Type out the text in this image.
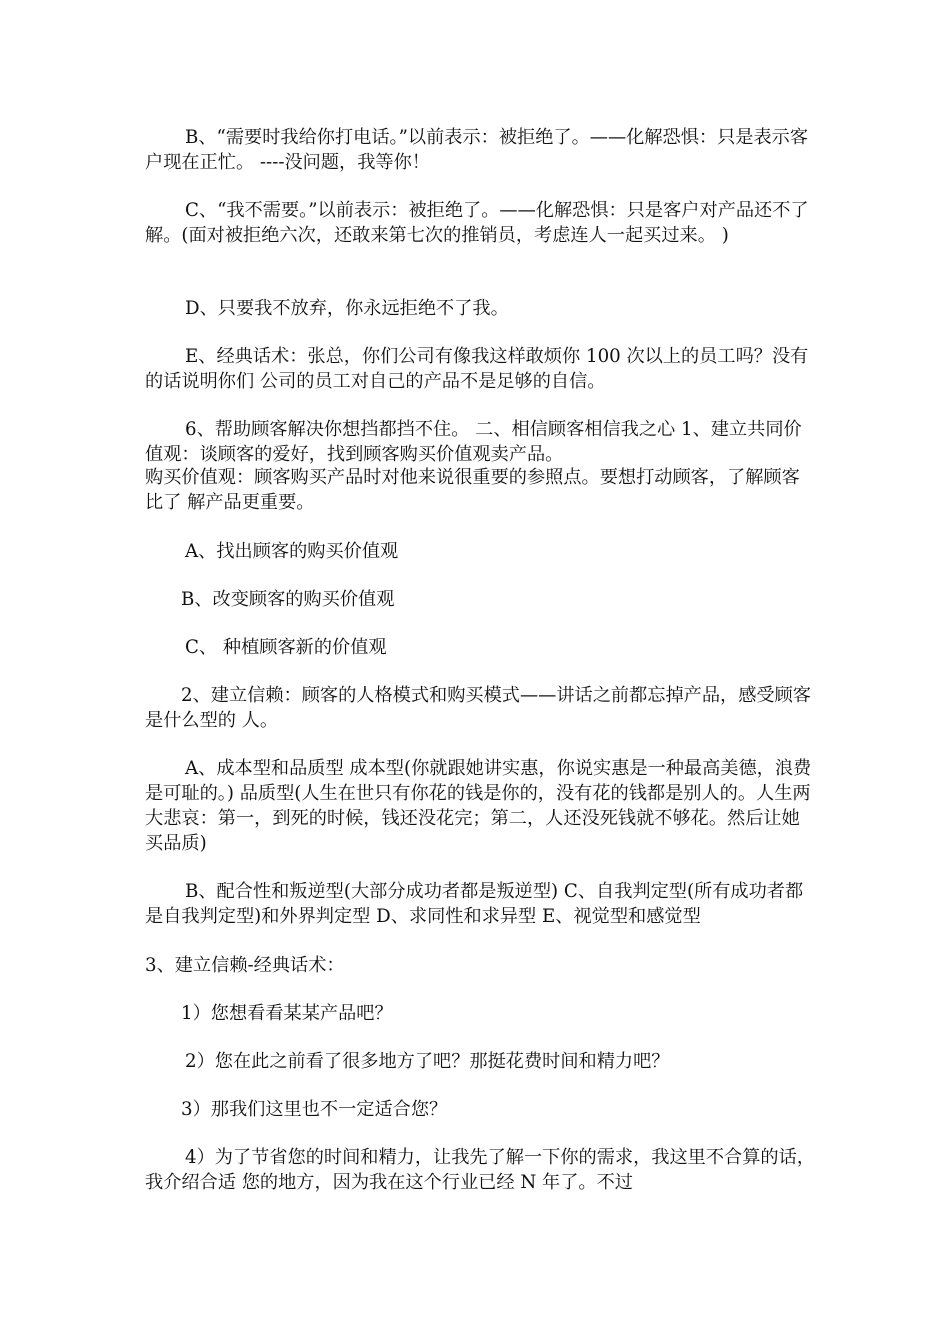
B、“需要时我给你打电话。”以前表示：被拒绝了。——化解恐惧：只是表示客户现在正忙。 ----没问题，我等你！

C、“我不需要。”以前表示：被拒绝了。——化解恐惧：只是客户对产品还不了解。(面对被拒绝六次，还敢来第七次的推销员，考虑连人一起买过来。 )

D、只要我不放弃，你永远拒绝不了我。

E、经典话术：张总，你们公司有像我这样敢烦你 100 次以上的员工吗？没有的话说明你们 公司的员工对自己的产品不是足够的自信。

6、帮助顾客解决你想挡都挡不住。 二、相信顾客相信我之心 1、建立共同价值观：谈顾客的爱好，找到顾客购买价值观卖产品。

购买价值观：顾客购买产品时对他来说很重要的参照点。要想打动顾客，了解顾客比了 解产品更重要。

A、找出顾客的购买价值观

B、改变顾客的购买价值观

C、 种植顾客新的价值观

2、建立信赖：顾客的人格模式和购买模式——讲话之前都忘掉产品，感受顾客是什么型的 人。

A、成本型和品质型 成本型(你就跟她讲实惠，你说实惠是一种最高美德，浪费是可耻的。) 品质型(人生在世只有你花的钱是你的，没有花的钱都是别人的。人生两大悲哀：第一，到死的时候，钱还没花完；第二，人还没死钱就不够花。然后让她买品质)

B、配合性和叛逆型(大部分成功者都是叛逆型) C、自我判定型(所有成功者都是自我判定型)和外界判定型 D、求同性和求异型 E、视觉型和感觉型

3、建立信赖-经典话术：

1）您想看看某某产品吧？

2）您在此之前看了很多地方了吧？那挺花费时间和精力吧？

3）那我们这里也不一定适合您？

4）为了节省您的时间和精力，让我先了解一下你的需求，我这里不合算的话，我介绍合适 您的地方，因为我在这个行业已经 N 年了。不过
